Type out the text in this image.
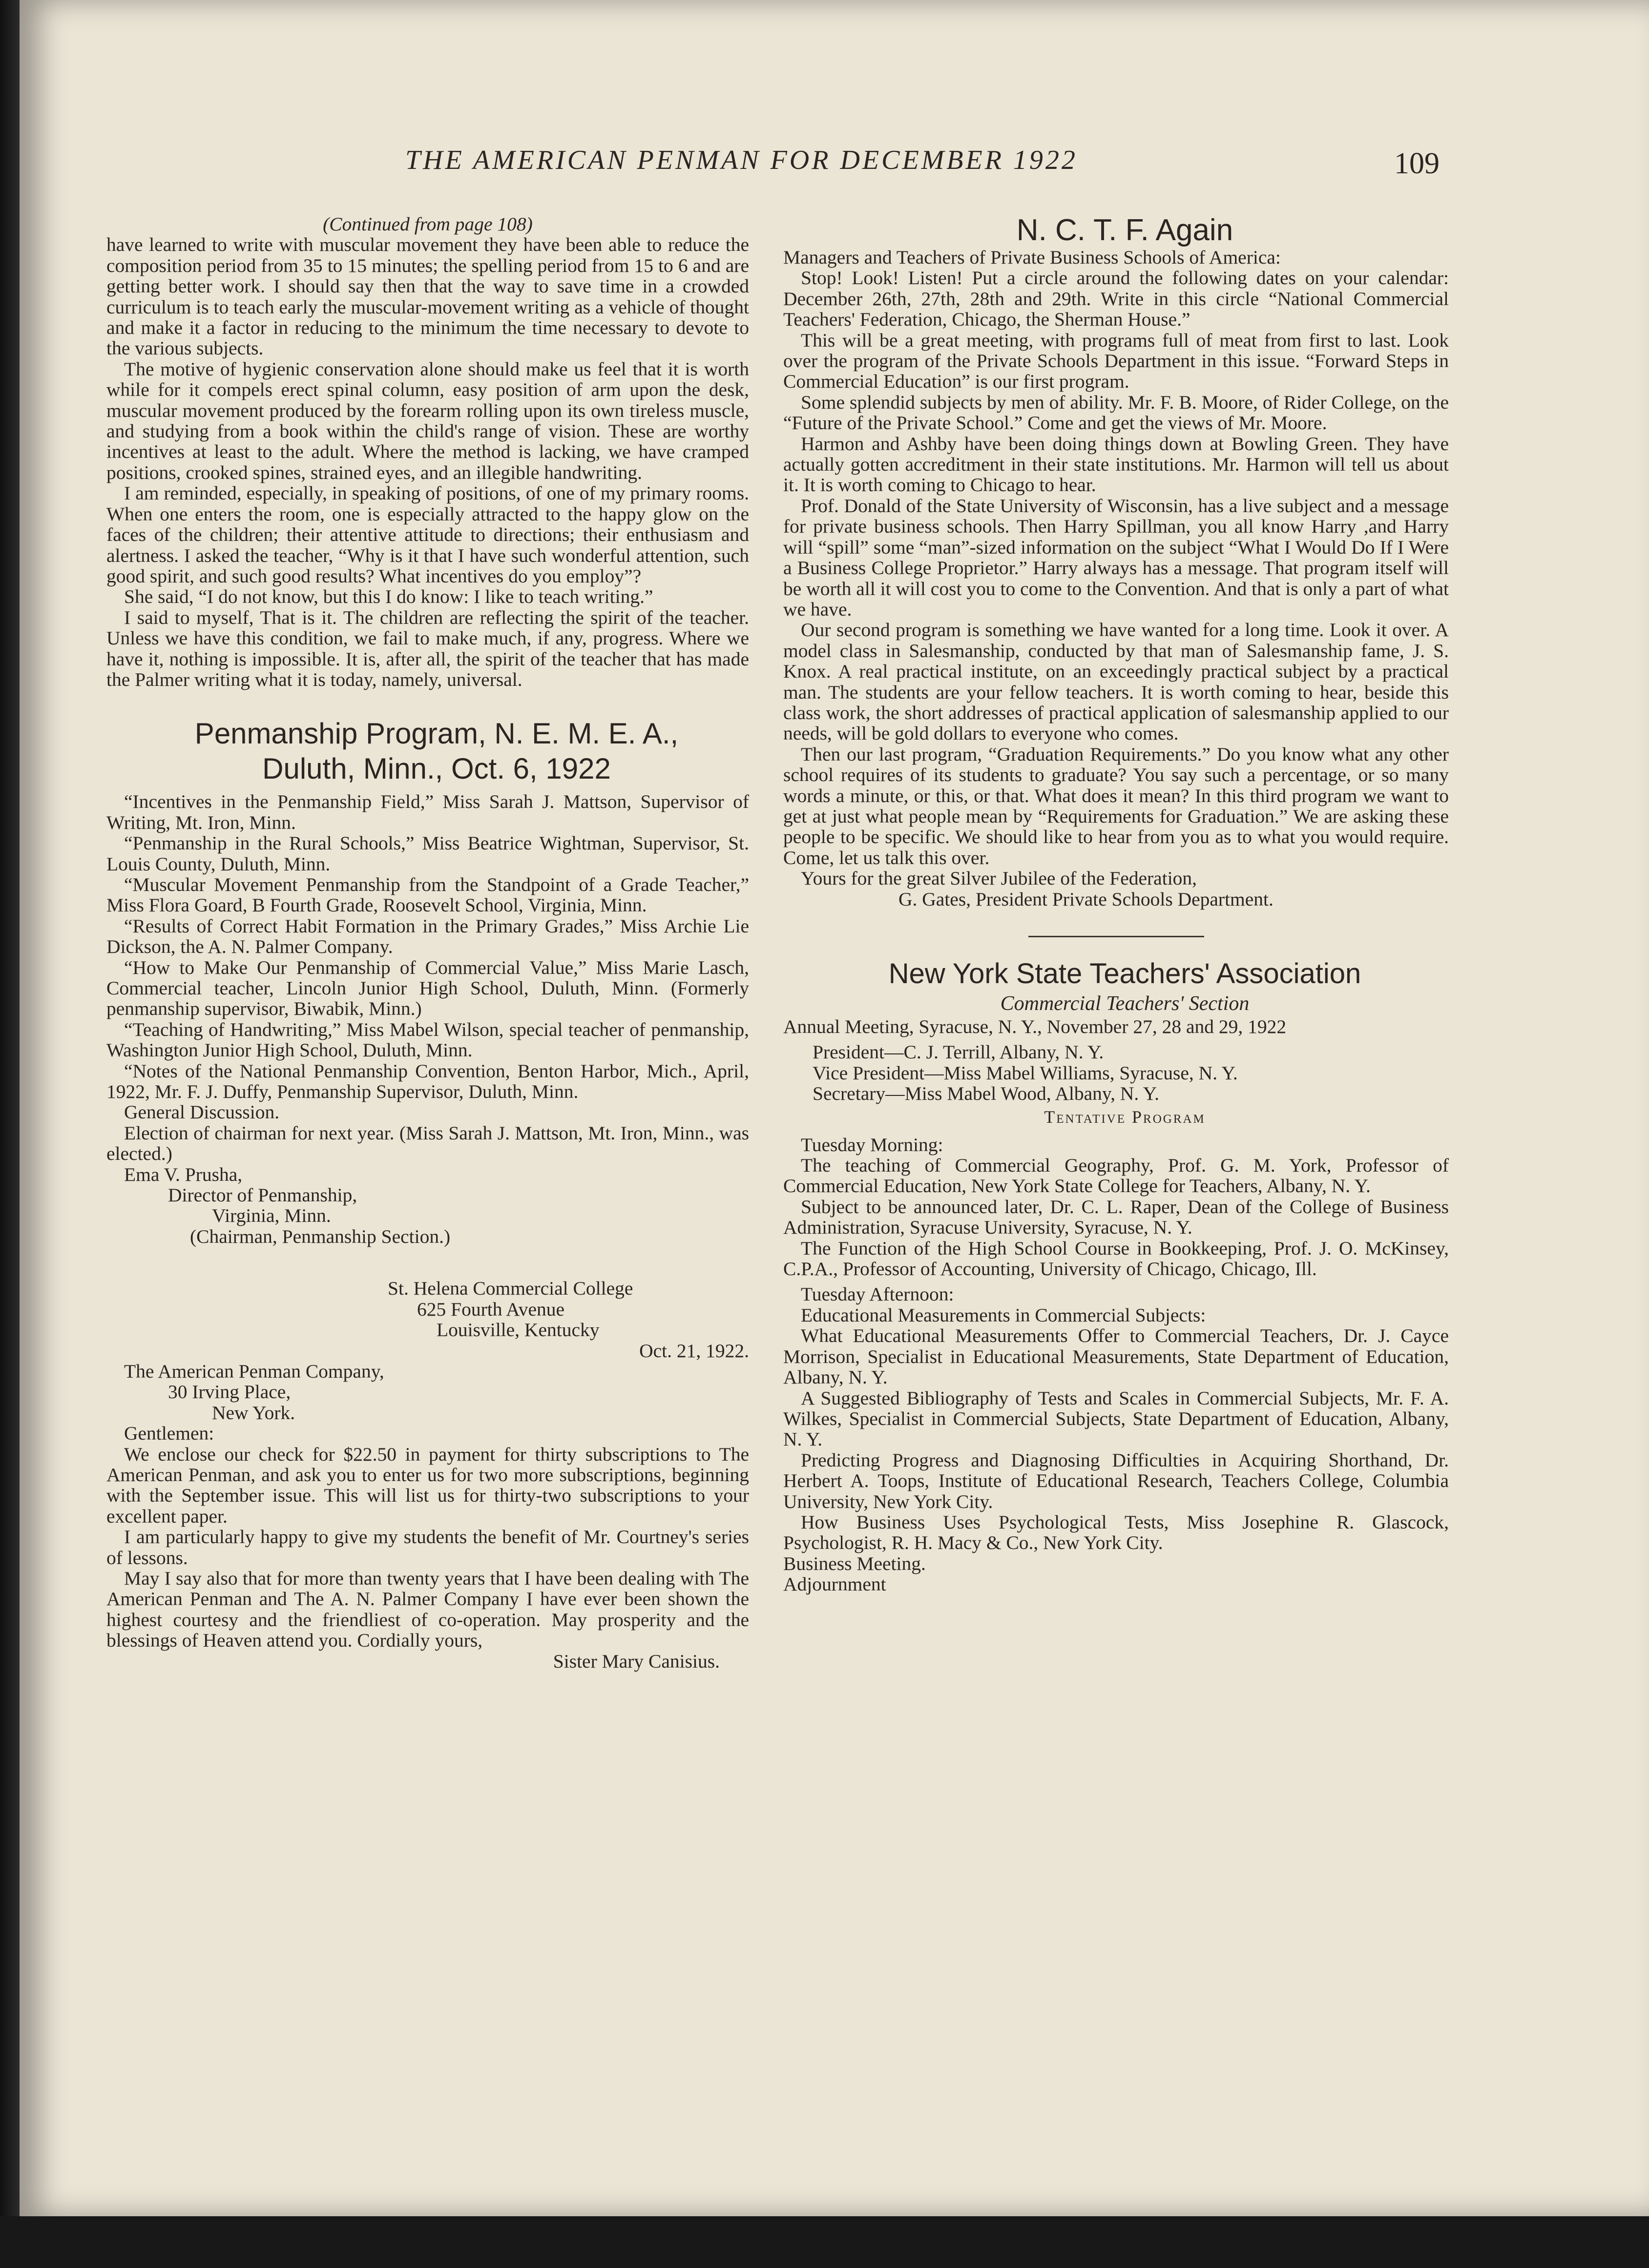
THE AMERICAN PENMAN FOR DECEMBER 1922	109

(Continued from page 108)

have learned to write with muscular movement they have been able to reduce the composition period from 35 to 15 minutes; the spelling period from 15 to 6 and are getting better work. I should say then that the way to save time in a crowded curriculum is to teach early the muscular-movement writing as a vehicle of thought and make it a factor in reducing to the minimum the time necessary to devote to the various subjects.

The motive of hygienic conservation alone should make us feel that it is worth while for it compels erect spinal column, easy position of arm upon the desk, muscular movement produced by the forearm rolling upon its own tireless muscle, and studying from a book within the child's range of vision. These are worthy incentives at least to the adult. Where the method is lacking, we have cramped positions, crooked spines, strained eyes, and an illegible handwriting.

I am reminded, especially, in speaking of positions, of one of my primary rooms. When one enters the room, one is especially attracted to the happy glow on the faces of the children; their attentive attitude to directions; their enthusiasm and alertness. I asked the teacher, “Why is it that I have such wonderful attention, such good spirit, and such good results? What incentives do you employ”?

She said, “I do not know, but this I do know: I like to teach writing.”

I said to myself, That is it. The children are reflecting the spirit of the teacher. Unless we have this condition, we fail to make much, if any, progress. Where we have it, nothing is impossible. It is, after all, the spirit of the teacher that has made the Palmer writing what it is today, namely, universal.

Penmanship Program, N. E. M. E. A.,

Duluth, Minn., Oct. 6, 1922

“Incentives in the Penmanship Field,” Miss Sarah J. Mattson, Supervisor of Writing, Mt. Iron, Minn.

“Penmanship in the Rural Schools,” Miss Beatrice Wightman, Supervisor, St. Louis County, Duluth, Minn.

“Muscular Movement Penmanship from the Standpoint of a Grade Teacher,” Miss Flora Goard, B Fourth Grade, Roosevelt School, Virginia, Minn.

“Results of Correct Habit Formation in the Primary Grades,” Miss Archie Lie Dickson, the A. N. Palmer Company.

“How to Make Our Penmanship of Commercial Value,” Miss Marie Lasch, Commercial teacher, Lincoln Junior High School, Duluth, Minn. (Formerly penmanship supervisor, Biwabik, Minn.)

“Teaching of Handwriting,” Miss Mabel Wilson, special teacher of penmanship, Washington Junior High School, Duluth, Minn.

“Notes of the National Penmanship Convention, Benton Harbor, Mich., April, 1922, Mr. F. J. Duffy, Penmanship Supervisor, Duluth, Minn.

General Discussion.

Election of chairman for next year. (Miss Sarah J. Mattson, Mt. Iron, Minn., was elected.)

Ema V. Prusha,

Director of Penmanship,

Virginia, Minn.

(Chairman, Penmanship Section.)

St. Helena Commercial College

625 Fourth Avenue

Louisville, Kentucky

Oct. 21, 1922.

The American Penman Company,

30 Irving Place,

New York.

Gentlemen:

We enclose our check for $22.50 in payment for thirty subscriptions to The American Penman, and ask you to enter us for two more subscriptions, beginning with the September issue. This will list us for thirty-two subscriptions to your excellent paper.

I am particularly happy to give my students the benefit of Mr. Courtney's series of lessons.

May I say also that for more than twenty years that I have been dealing with The American Penman and The A. N. Palmer Company I have ever been shown the highest courtesy and the friendliest of co-operation. May prosperity and the blessings of Heaven attend you. Cordially yours,

Sister Mary Canisius.

N. C. T. F. Again

Managers and Teachers of Private Business Schools of America:

Stop! Look! Listen! Put a circle around the following dates on your calendar: December 26th, 27th, 28th and 29th. Write in this circle “National Commercial Teachers' Federation, Chicago, the Sherman House.”

This will be a great meeting, with programs full of meat from first to last. Look over the program of the Private Schools Department in this issue. “Forward Steps in Commercial Education” is our first program.

Some splendid subjects by men of ability. Mr. F. B. Moore, of Rider College, on the “Future of the Private School.” Come and get the views of Mr. Moore.

Harmon and Ashby have been doing things down at Bowling Green. They have actually gotten accreditment in their state institutions. Mr. Harmon will tell us about it. It is worth coming to Chicago to hear.

Prof. Donald of the State University of Wisconsin, has a live subject and a message for private business schools. Then Harry Spillman, you all know Harry ,and Harry will “spill” some “man”-sized information on the subject “What I Would Do If I Were a Business College Proprietor.” Harry always has a message. That program itself will be worth all it will cost you to come to the Convention. And that is only a part of what we have.

Our second program is something we have wanted for a long time. Look it over. A model class in Salesmanship, conducted by that man of Salesmanship fame, J. S. Knox. A real practical institute, on an exceedingly practical subject by a practical man. The students are your fellow teachers. It is worth coming to hear, beside this class work, the short addresses of practical application of salesmanship applied to our needs, will be gold dollars to everyone who comes.

Then our last program, “Graduation Requirements.” Do you know what any other school requires of its students to graduate? You say such a percentage, or so many words a minute, or this, or that. What does it mean? In this third program we want to get at just what people mean by “Requirements for Graduation.” We are asking these people to be specific. We should like to hear from you as to what you would require. Come, let us talk this over.

Yours for the great Silver Jubilee of the Federation,

G. Gates, President Private Schools Department.

New York State Teachers' Association

Commercial Teachers' Section

Annual Meeting, Syracuse, N. Y., November 27, 28 and 29, 1922

President—C. J. Terrill, Albany, N. Y.

Vice President—Miss Mabel Williams, Syracuse, N. Y.

Secretary—Miss Mabel Wood, Albany, N. Y.

Tentative Program

Tuesday Morning:

The teaching of Commercial Geography, Prof. G. M. York, Professor of Commercial Education, New York State College for Teachers, Albany, N. Y.

Subject to be announced later, Dr. C. L. Raper, Dean of the College of Business Administration, Syracuse University, Syracuse, N. Y.

The Function of the High School Course in Bookkeeping, Prof. J. O. McKinsey, C.P.A., Professor of Accounting, University of Chicago, Chicago, Ill.

Tuesday Afternoon:

Educational Measurements in Commercial Subjects:

What Educational Measurements Offer to Commercial Teachers, Dr. J. Cayce Morrison, Specialist in Educational Measurements, State Department of Education, Albany, N. Y.

A Suggested Bibliography of Tests and Scales in Commercial Subjects, Mr. F. A. Wilkes, Specialist in Commercial Subjects, State Department of Education, Albany, N. Y.

Predicting Progress and Diagnosing Difficulties in Acquiring Shorthand, Dr. Herbert A. Toops, Institute of Educational Research, Teachers College, Columbia University, New York City.

How Business Uses Psychological Tests, Miss Josephine R. Glascock, Psychologist, R. H. Macy & Co., New York City.

Business Meeting.

Adjournment
